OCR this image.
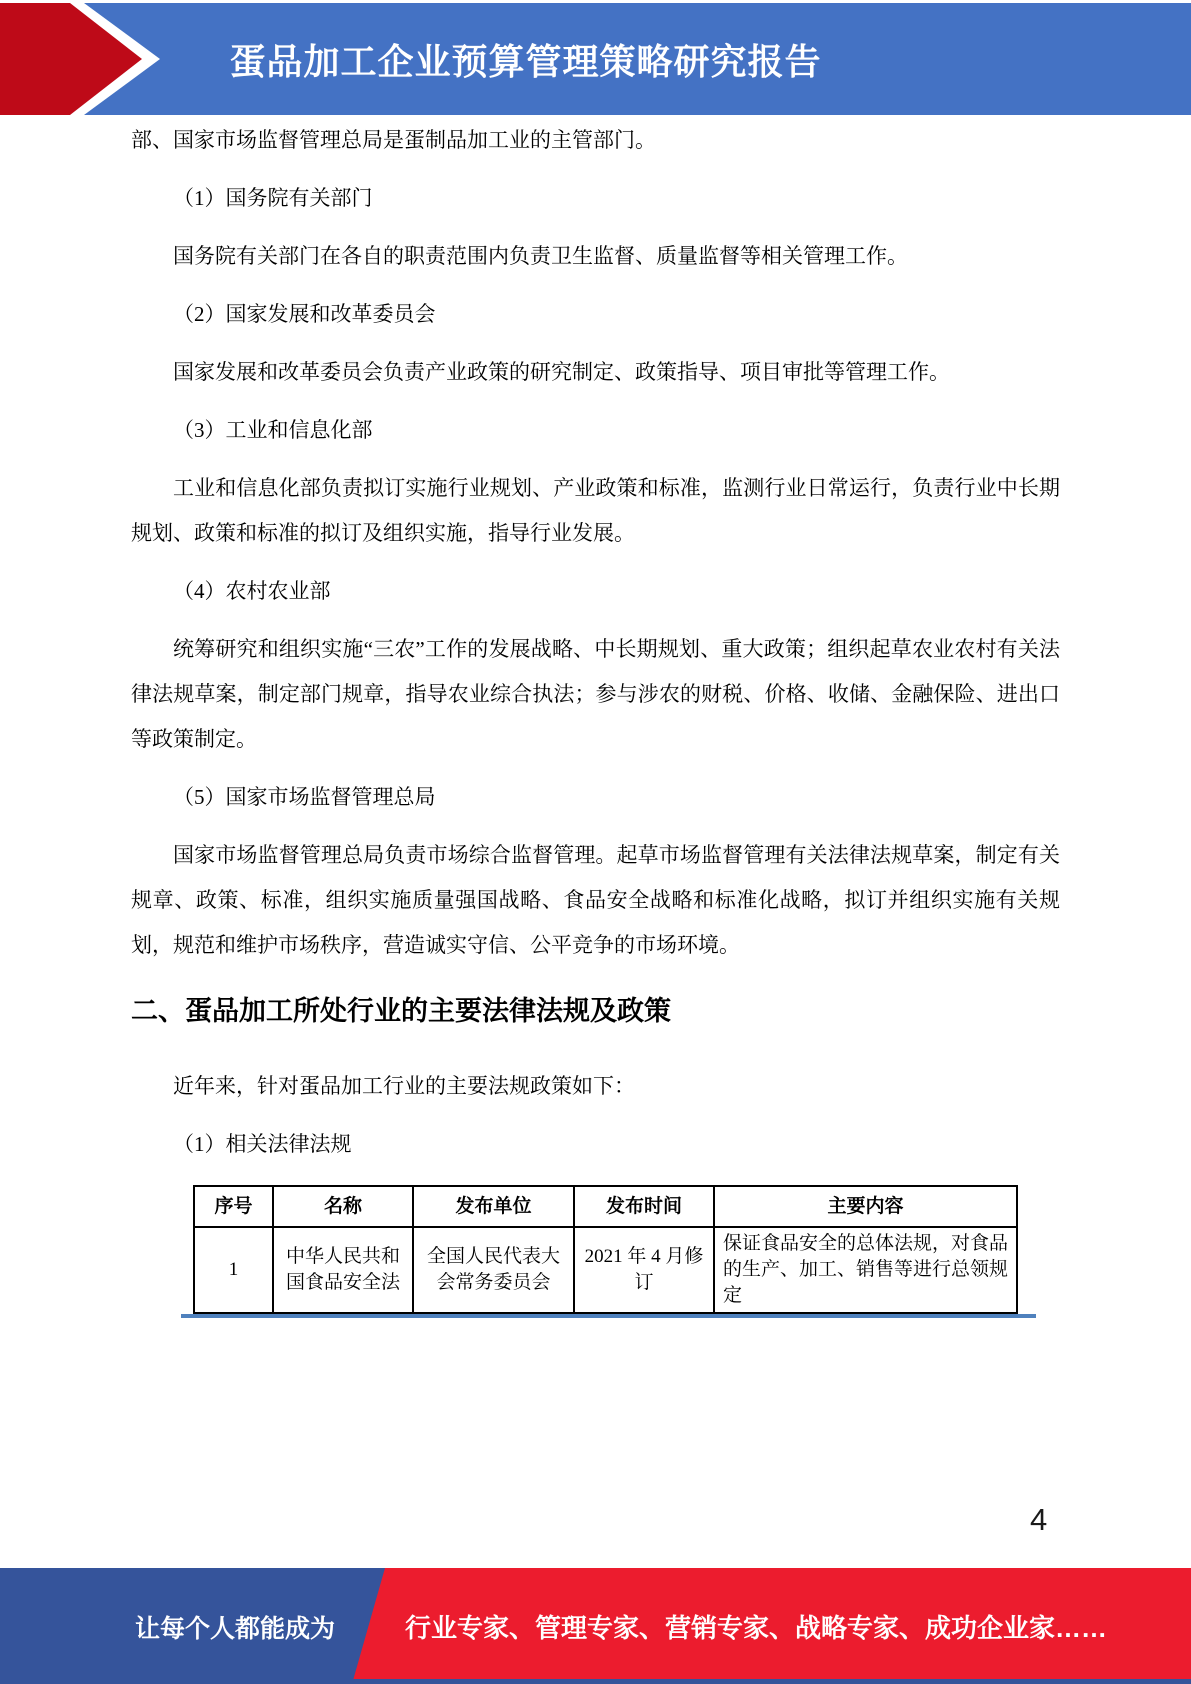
蛋品加工企业预算管理策略研究报告

部、国家市场监督管理总局是蛋制品加工业的主管部门。

（1）国务院有关部门

国务院有关部门在各自的职责范围内负责卫生监督、质量监督等相关管理工作。

（2）国家发展和改革委员会

国家发展和改革委员会负责产业政策的研究制定、政策指导、项目审批等管理工作。

（3）工业和信息化部

工业和信息化部负责拟订实施行业规划、产业政策和标准，监测行业日常运行，负责行业中长期规划、政策和标准的拟订及组织实施，指导行业发展。

（4）农村农业部

统筹研究和组织实施“三农”工作的发展战略、中长期规划、重大政策；组织起草农业农村有关法律法规草案，制定部门规章，指导农业综合执法；参与涉农的财税、价格、收储、金融保险、进出口等政策制定。

（5）国家市场监督管理总局

国家市场监督管理总局负责市场综合监督管理。起草市场监督管理有关法律法规草案，制定有关规章、政策、标准，组织实施质量强国战略、食品安全战略和标准化战略，拟订并组织实施有关规划，规范和维护市场秩序，营造诚实守信、公平竞争的市场环境。

二、蛋品加工所处行业的主要法律法规及政策

近年来，针对蛋品加工行业的主要法规政策如下：

（1）相关法律法规

序号	名称	发布单位	发布时间	主要内容
1	中华人民共和国食品安全法	全国人民代表大会常务委员会	2021 年 4 月修订	保证食品安全的总体法规，对食品的生产、加工、销售等进行总领规定
4
让每个人都能成为	行业专家、管理专家、营销专家、战略专家、成功企业家……
